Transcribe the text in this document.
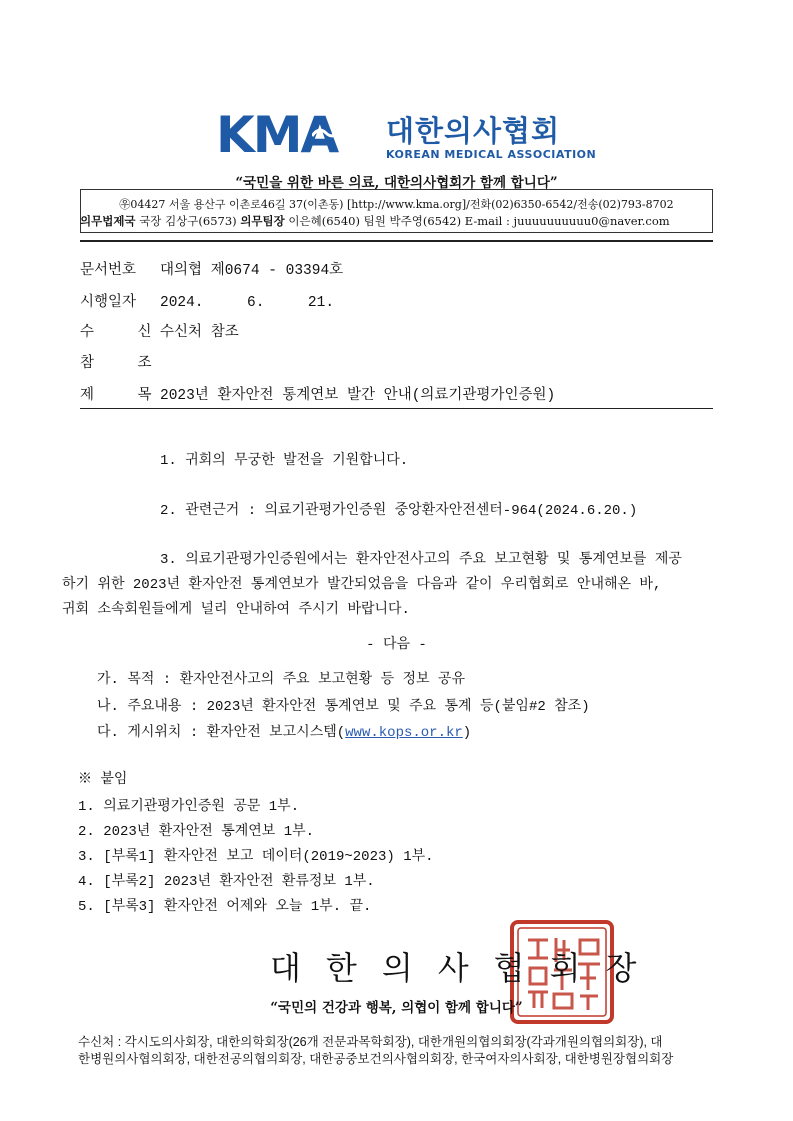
KMA 대한의사협회
KOREAN MEDICAL ASSOCIATION
“국민을 위한 바른 의료, 대한의사협회가 함께 합니다”
㉾04427 서울 용산구 이촌로46길 37(이촌동) [http://www.kma.org]/전화(02)6350-6542/전송(02)793-8702
의무법제국 국장 김상구(6573) 의무팀장 이은혜(6540) 팀원 박주영(6542) E-mail : juuuuuuuuuu0@naver.com
문서번호 대의협 제0674 - 03394호
시행일자 2024.     6.     21.
수     신 수신처 참조
참     조
제     목 2023년 환자안전 통계연보 발간 안내(의료기관평가인증원)
1. 귀회의 무궁한 발전을 기원합니다.
2. 관련근거 : 의료기관평가인증원 중앙환자안전센터-964(2024.6.20.)
3. 의료기관평가인증원에서는 환자안전사고의 주요 보고현황 및 통계연보를 제공
하기 위한 2023년 환자안전 통계연보가 발간되었음을 다음과 같이 우리협회로 안내해온 바,
귀회 소속회원들에게 널리 안내하여 주시기 바랍니다.
- 다음 -
가. 목적 : 환자안전사고의 주요 보고현황 등 정보 공유
나. 주요내용 : 2023년 환자안전 통계연보 및 주요 통계 등(붙임#2 참조)
다. 게시위치 : 환자안전 보고시스템(www.kops.or.kr)
※ 붙임
1. 의료기관평가인증원 공문 1부.
2. 2023년 환자안전 통계연보 1부.
3. [부록1] 환자안전 보고 데이터(2019~2023) 1부.
4. [부록2] 2023년 환자안전 환류정보 1부.
5. [부록3] 환자안전 어제와 오늘 1부. 끝.
대한의사협회장
“국민의 건강과 행복, 의협이 함께 합니다”
수신처 : 각시도의사회장, 대한의학회장(26개 전문과목학회장), 대한개원의협의회장(각과개원의협의회장), 대
한병원의사협의회장, 대한전공의협의회장, 대한공중보건의사협의회장, 한국여자의사회장, 대한병원장협의회장
